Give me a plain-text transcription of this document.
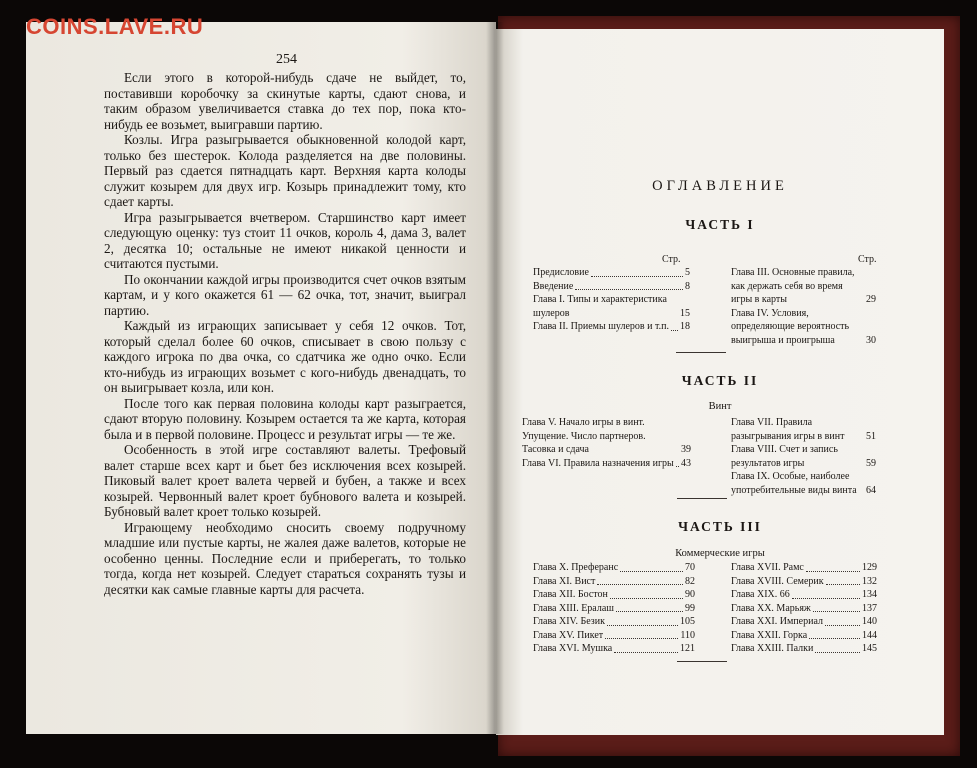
COINS.LAVE.RU
254

Если этого в которой-нибудь сдаче не выйдет, то, поставивши коробочку за скинутые карты, сдают снова, и таким образом увеличивается ставка до тех пор, пока кто-нибудь ее возьмет, выигравши партию.

Козлы. Игра разыгрывается обыкновенной колодой карт, только без шестерок. Колода разделяется на две половины. Первый раз сдается пятнадцать карт. Верхняя карта колоды служит козырем для двух игр. Козырь принадлежит тому, кто сдает карты.

Игра разыгрывается вчетвером. Старшинство карт имеет следующую оценку: туз стоит 11 очков, король 4, дама 3, валет 2, десятка 10; остальные не имеют никакой ценности и считаются пустыми.

По окончании каждой игры производится счет очков взятым картам, и у кого окажется 61 — 62 очка, тот, значит, выиграл партию.

Каждый из играющих записывает у себя 12 очков. Тот, который сделал более 60 очков, списывает в свою пользу с каждого игрока по два очка, со сдатчика же одно очко. Если кто-нибудь из играющих возьмет с кого-нибудь двенадцать, то он выигрывает козла, или кон.

После того как первая половина колоды карт разыграется, сдают вторую половину. Козырем остается та же карта, которая была и в первой половине. Процесс и результат игры — те же.

Особенность в этой игре составляют валеты. Трефовый валет старше всех карт и бьет без исключения всех козырей. Пиковый валет кроет валета червей и бубен, а также и всех козырей. Червонный валет кроет бубнового валета и козырей. Бубновый валет кроет только козырей.

Играющему необходимо сносить своему подручному младшие или пустые карты, не жалея даже валетов, которые не особенно ценны. Последние если и приберегать, то только тогда, когда нет козырей. Следует стараться сохранять тузы и десятки как самые главные карты для расчета.

ОГЛАВЛЕНИЕ
ЧАСТЬ I
Стр.	Стр.
Предисловие	5
Введение	8
Глава I. Типы и характеристика шулеров	15
Глава II. Приемы шулеров и т.п. 18
Глава III. Основные правила, как держать себя во время игры в карты	29
Глава IV. Условия, определяющие вероятность выигрыша и проигрыша	30
ЧАСТЬ II
Винт
Глава V. Начало игры в винт. Упущение. Число партнеров. Тасовка и сдача	39
Глава VI. Правила назначения игры 43
Глава VII. Правила разыгрывания игры в винт	51
Глава VIII. Счет и запись результатов игры	59
Глава IX. Особые, наиболее употребительные виды винта 64
ЧАСТЬ III
Коммерческие игры
Глава X. Преферанс	70
Глава XI. Вист	82
Глава XII. Бостон	90
Глава XIII. Ералаш	99
Глава XIV. Безик	105
Глава XV. Пикет	110
Глава XVI. Мушка	121
Глава XVII. Рамс	129
Глава XVIII. Семерик	132
Глава XIX. 66	134
Глава XX. Марьяж	137
Глава XXI. Империал	140
Глава XXII. Горка	144
Глава XXIII. Палки	145
